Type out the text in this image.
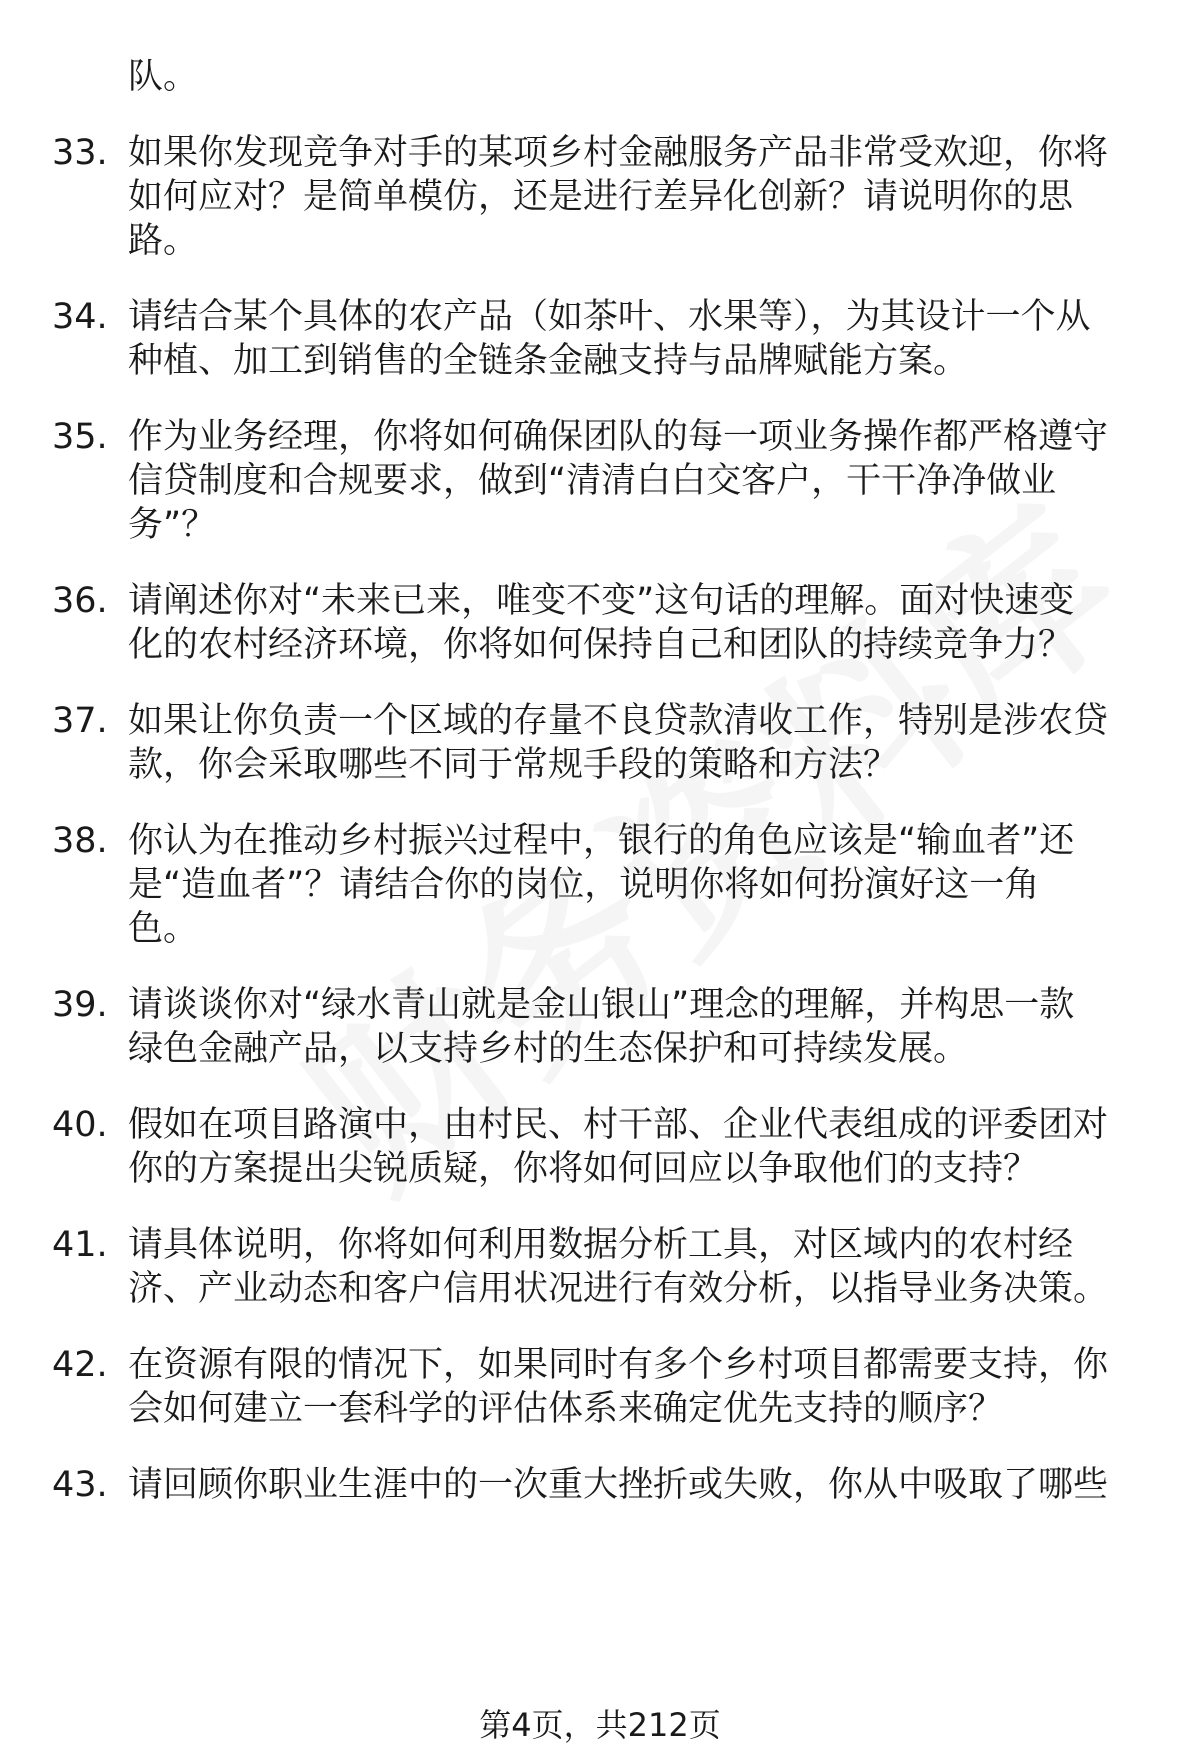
队。
33. 如果你发现竞争对手的某项乡村金融服务产品非常受欢迎，你将
如何应对？是简单模仿，还是进行差异化创新？请说明你的思
路。
34. 请结合某个具体的农产品（如茶叶、水果等），为其设计一个从
种植、加工到销售的全链条金融支持与品牌赋能方案。
35. 作为业务经理，你将如何确保团队的每一项业务操作都严格遵守
信贷制度和合规要求，做到“清清白白交客户，干干净净做业
务”？
36. 请阐述你对“未来已来，唯变不变”这句话的理解。面对快速变
化的农村经济环境，你将如何保持自己和团队的持续竞争力？
37. 如果让你负责一个区域的存量不良贷款清收工作，特别是涉农贷
款，你会采取哪些不同于常规手段的策略和方法？
38. 你认为在推动乡村振兴过程中，银行的角色应该是“输血者”还
是“造血者”？请结合你的岗位，说明你将如何扮演好这一角
色。
39. 请谈谈你对“绿水青山就是金山银山”理念的理解，并构思一款
绿色金融产品，以支持乡村的生态保护和可持续发展。
40. 假如在项目路演中，由村民、村干部、企业代表组成的评委团对
你的方案提出尖锐质疑，你将如何回应以争取他们的支持？
41. 请具体说明，你将如何利用数据分析工具，对区域内的农村经
济、产业动态和客户信用状况进行有效分析，以指导业务决策。
42. 在资源有限的情况下，如果同时有多个乡村项目都需要支持，你
会如何建立一套科学的评估体系来确定优先支持的顺序？
43. 请回顾你职业生涯中的一次重大挫折或失败，你从中吸取了哪些
第4页，共212页
